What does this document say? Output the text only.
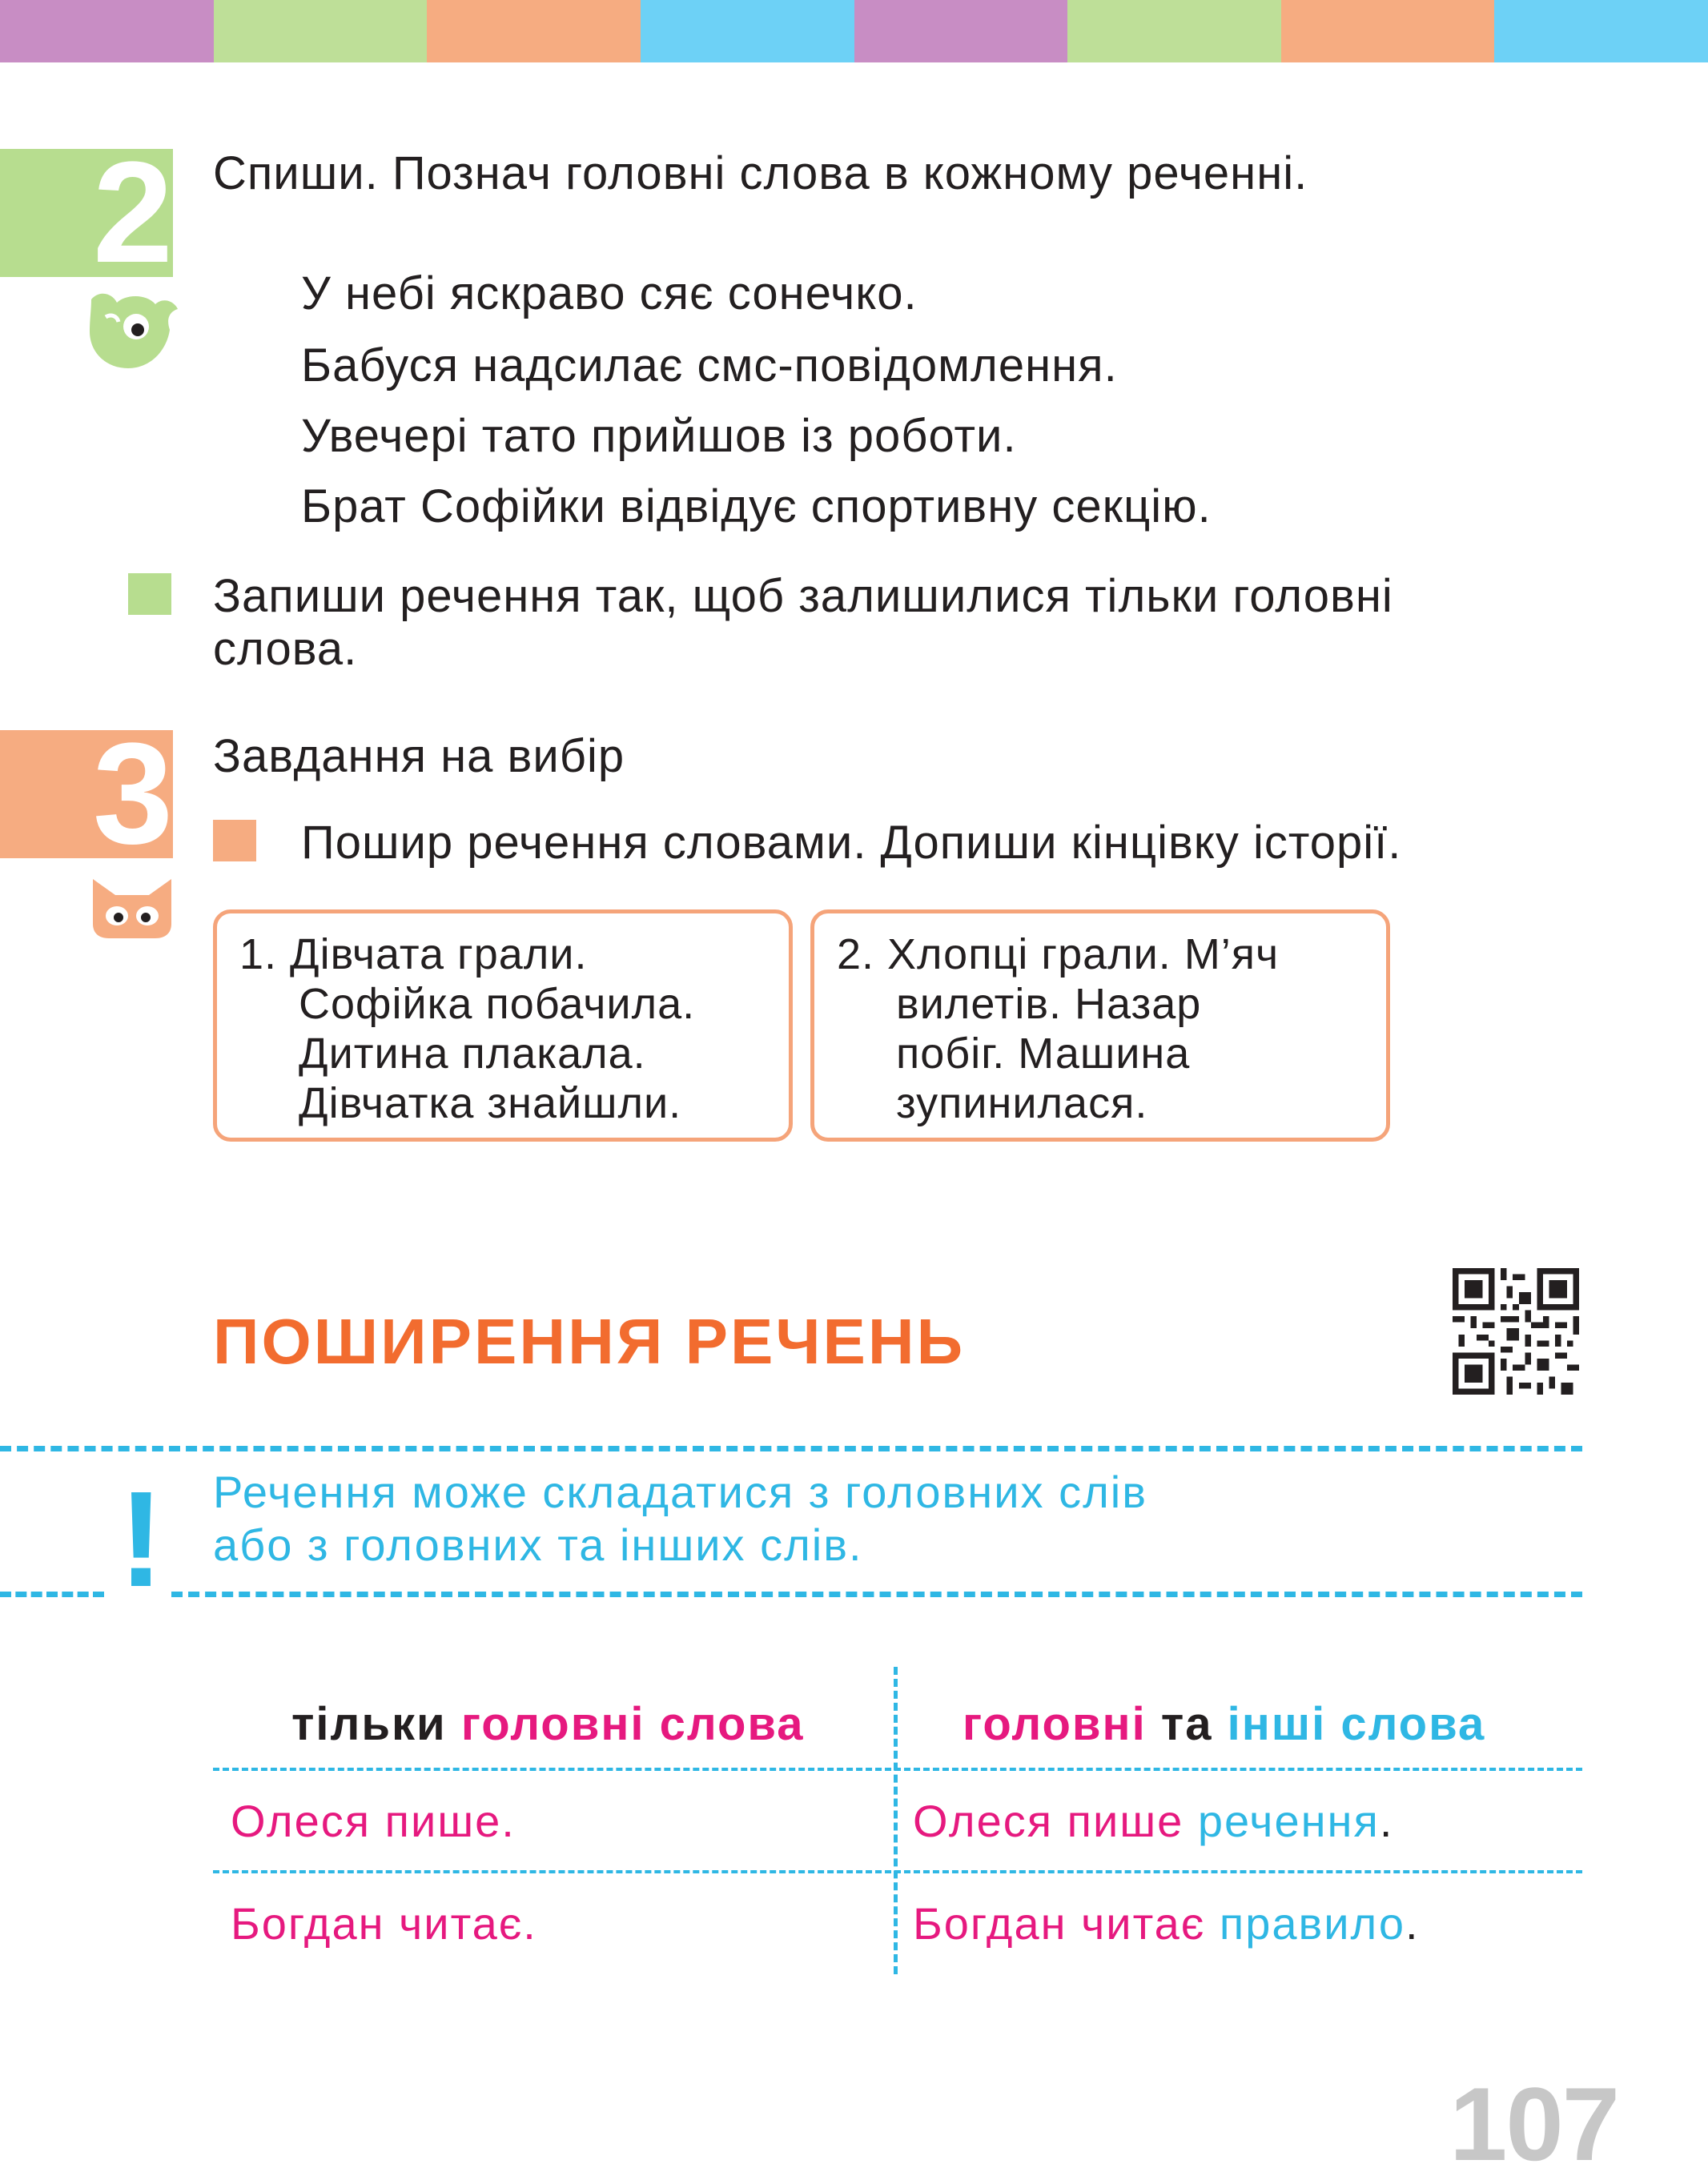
2 Спиши. Познач головні слова в кожному реченні.
У небі яскраво сяє сонечко.
Бабуся надсилає смс-повідомлення.
Увечері тато прийшов із роботи.
Брат Софійки відвідує спортивну секцію.
Запиши речення так, щоб залишилися тільки головні
слова.
3 Завдання на вибір
Пошир речення словами. Допиши кінцівку історії.
1. Дівчата грали.
Софійка побачила.
Дитина плакала.
Дівчатка знайшли.
2. Хлопці грали. М’яч
вилетів. Назар
побіг. Машина
зупинилася.
ПОШИРЕННЯ РЕЧЕНЬ
! Речення може складатися з головних слів
або з головних та інших слів.
тільки головні слова	головні та інші слова
Олеся пише.	Олеся пише речення.
Богдан читає.	Богдан читає правило.
107
